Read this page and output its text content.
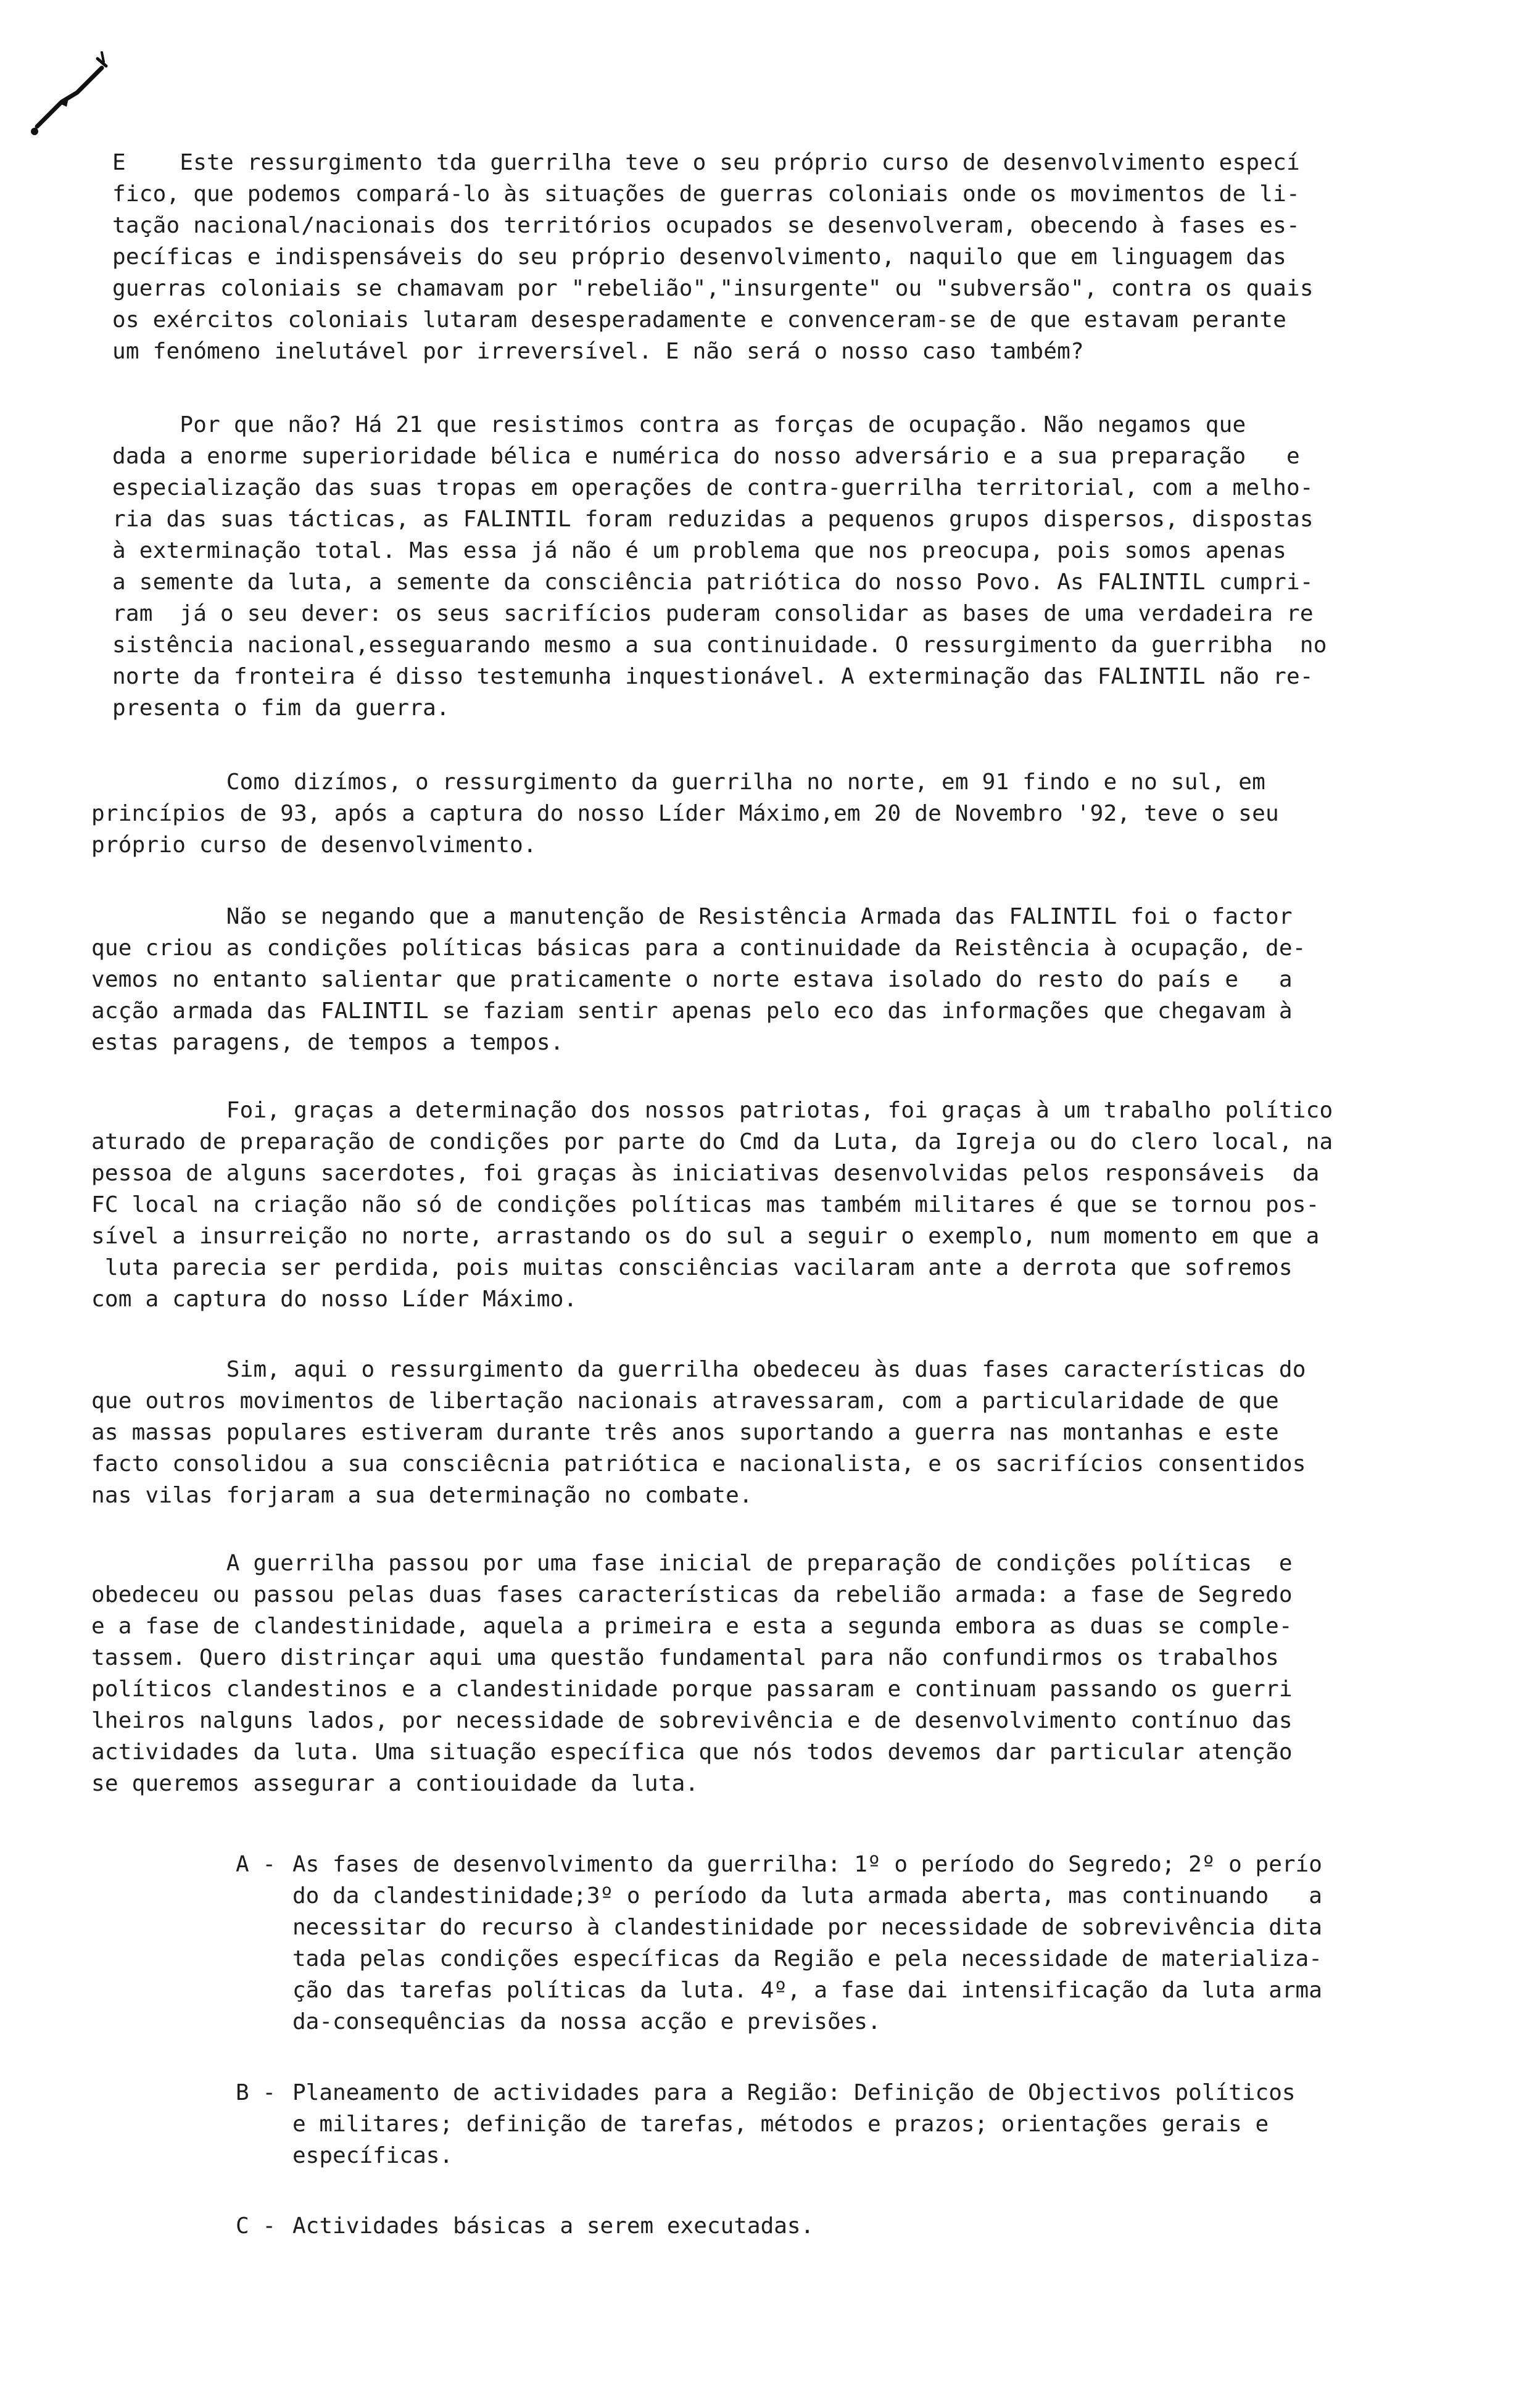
E    Este ressurgimento tda guerrilha teve o seu próprio curso de desenvolvimento especí
fico, que podemos compará-lo às situações de guerras coloniais onde os movimentos de li-
tação nacional/nacionais dos territórios ocupados se desenvolveram, obecendo à fases es-
pecíficas e indispensáveis do seu próprio desenvolvimento, naquilo que em linguagem das
guerras coloniais se chamavam por "rebelião","insurgente" ou "subversão", contra os quais
os exércitos coloniais lutaram desesperadamente e convenceram-se de que estavam perante
um fenómeno inelutável por irreversível. E não será o nosso caso também?
Por que não? Há 21 que resistimos contra as forças de ocupação. Não negamos que
dada a enorme superioridade bélica e numérica do nosso adversário e a sua preparação   e
especialização das suas tropas em operações de contra-guerrilha territorial, com a melho-
ria das suas tácticas, as FALINTIL foram reduzidas a pequenos grupos dispersos, dispostas
à exterminação total. Mas essa já não é um problema que nos preocupa, pois somos apenas
a semente da luta, a semente da consciência patriótica do nosso Povo. As FALINTIL cumpri-
ram  já o seu dever: os seus sacrifícios puderam consolidar as bases de uma verdadeira re
sistência nacional,esseguarando mesmo a sua continuidade. O ressurgimento da guerribha  no
norte da fronteira é disso testemunha inquestionável. A exterminação das FALINTIL não re-
presenta o fim da guerra.
Como dizímos, o ressurgimento da guerrilha no norte, em 91 findo e no sul, em
princípios de 93, após a captura do nosso Líder Máximo,em 20 de Novembro '92, teve o seu
próprio curso de desenvolvimento.
Não se negando que a manutenção de Resistência Armada das FALINTIL foi o factor
que criou as condições políticas básicas para a continuidade da Reistência à ocupação, de-
vemos no entanto salientar que praticamente o norte estava isolado do resto do país e   a
acção armada das FALINTIL se faziam sentir apenas pelo eco das informações que chegavam à
estas paragens, de tempos a tempos.
Foi, graças a determinação dos nossos patriotas, foi graças à um trabalho político
aturado de preparação de condições por parte do Cmd da Luta, da Igreja ou do clero local, na
pessoa de alguns sacerdotes, foi graças às iniciativas desenvolvidas pelos responsáveis  da
FC local na criação não só de condições políticas mas também militares é que se tornou pos-
sível a insurreição no norte, arrastando os do sul a seguir o exemplo, num momento em que a
luta parecia ser perdida, pois muitas consciências vacilaram ante a derrota que sofremos
com a captura do nosso Líder Máximo.
Sim, aqui o ressurgimento da guerrilha obedeceu às duas fases características do
que outros movimentos de libertação nacionais atravessaram, com a particularidade de que
as massas populares estiveram durante três anos suportando a guerra nas montanhas e este
facto consolidou a sua consciêcnia patriótica e nacionalista, e os sacrifícios consentidos
nas vilas forjaram a sua determinação no combate.
A guerrilha passou por uma fase inicial de preparação de condições políticas  e
obedeceu ou passou pelas duas fases características da rebelião armada: a fase de Segredo
e a fase de clandestinidade, aquela a primeira e esta a segunda embora as duas se comple-
tassem. Quero distrinçar aqui uma questão fundamental para não confundirmos os trabalhos
políticos clandestinos e a clandestinidade porque passaram e continuam passando os guerri
lheiros nalguns lados, por necessidade de sobrevivência e de desenvolvimento contínuo das
actividades da luta. Uma situação específica que nós todos devemos dar particular atenção
se queremos assegurar a contiouidade da luta.
A - As fases de desenvolvimento da guerrilha: 1º o período do Segredo; 2º o perío
do da clandestinidade;3º o período da luta armada aberta, mas continuando   a
necessitar do recurso à clandestinidade por necessidade de sobrevivência dita
tada pelas condições específicas da Região e pela necessidade de materializa-
ção das tarefas políticas da luta. 4º, a fase dai intensificação da luta arma
da-consequências da nossa acção e previsões.
B - Planeamento de actividades para a Região: Definição de Objectivos políticos
e militares; definição de tarefas, métodos e prazos; orientações gerais e
específicas.
C - Actividades básicas a serem executadas.
